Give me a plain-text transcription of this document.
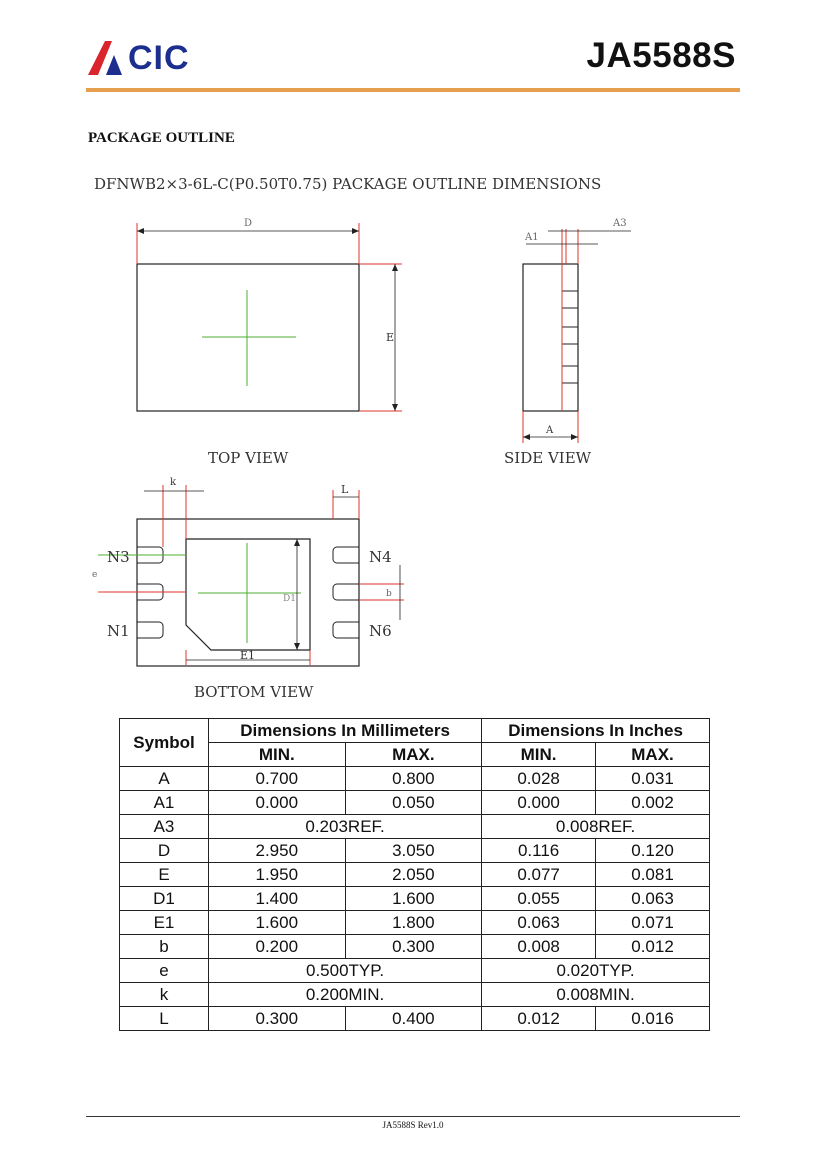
CIC	JA5588S
PACKAGE OUTLINE
DFNWB2×3-6L-C(P0.50T0.75) PACKAGE OUTLINE DIMENSIONS
D
E
TOP VIEW
A1
A3
A
SIDE VIEW
e
k
L
b
D1
E1
N3
N1
N4
N6
BOTTOM VIEW
Symbol	Dimensions In Millimeters		Dimensions In Inches	
	MIN.	MAX.	MIN.	MAX.
A	0.700	0.800	0.028	0.031
A1	0.000	0.050	0.000	0.002
A3	0.203REF.		0.008REF.	
D	2.950	3.050	0.116	0.120
E	1.950	2.050	0.077	0.081
D1	1.400	1.600	0.055	0.063
E1	1.600	1.800	0.063	0.071
b	0.200	0.300	0.008	0.012
e	0.500TYP.		0.020TYP.	
k	0.200MIN.		0.008MIN.	
L	0.300	0.400	0.012	0.016
JA5588S Rev1.0
